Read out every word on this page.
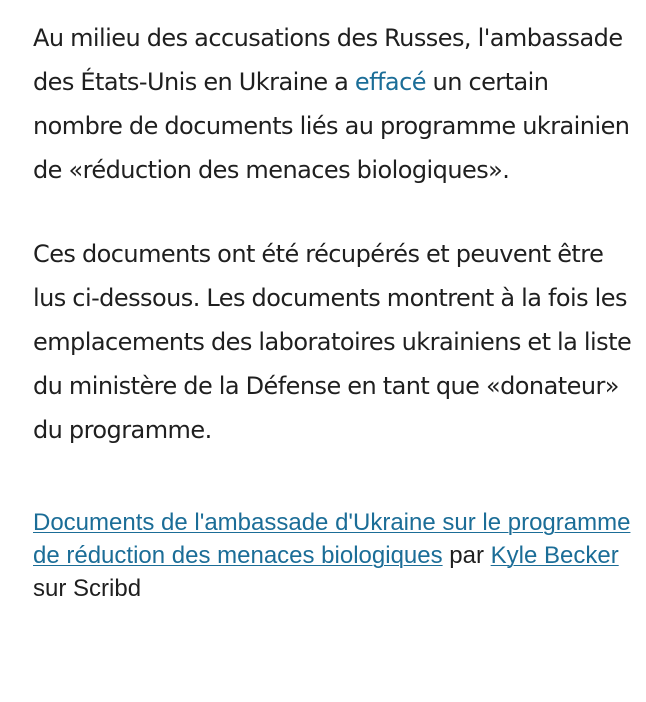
Au milieu des accusations des Russes, l'ambassade des États-Unis en Ukraine a effacé un certain nombre de documents liés au programme ukrainien de «réduction des menaces biologiques».

Ces documents ont été récupérés et peuvent être lus ci-dessous. Les documents montrent à la fois les emplacements des laboratoires ukrainiens et la liste du ministère de la Défense en tant que «donateur» du programme.

Documents de l'ambassade d'Ukraine sur le programme de réduction des menaces biologiques par Kyle Becker sur Scribd
